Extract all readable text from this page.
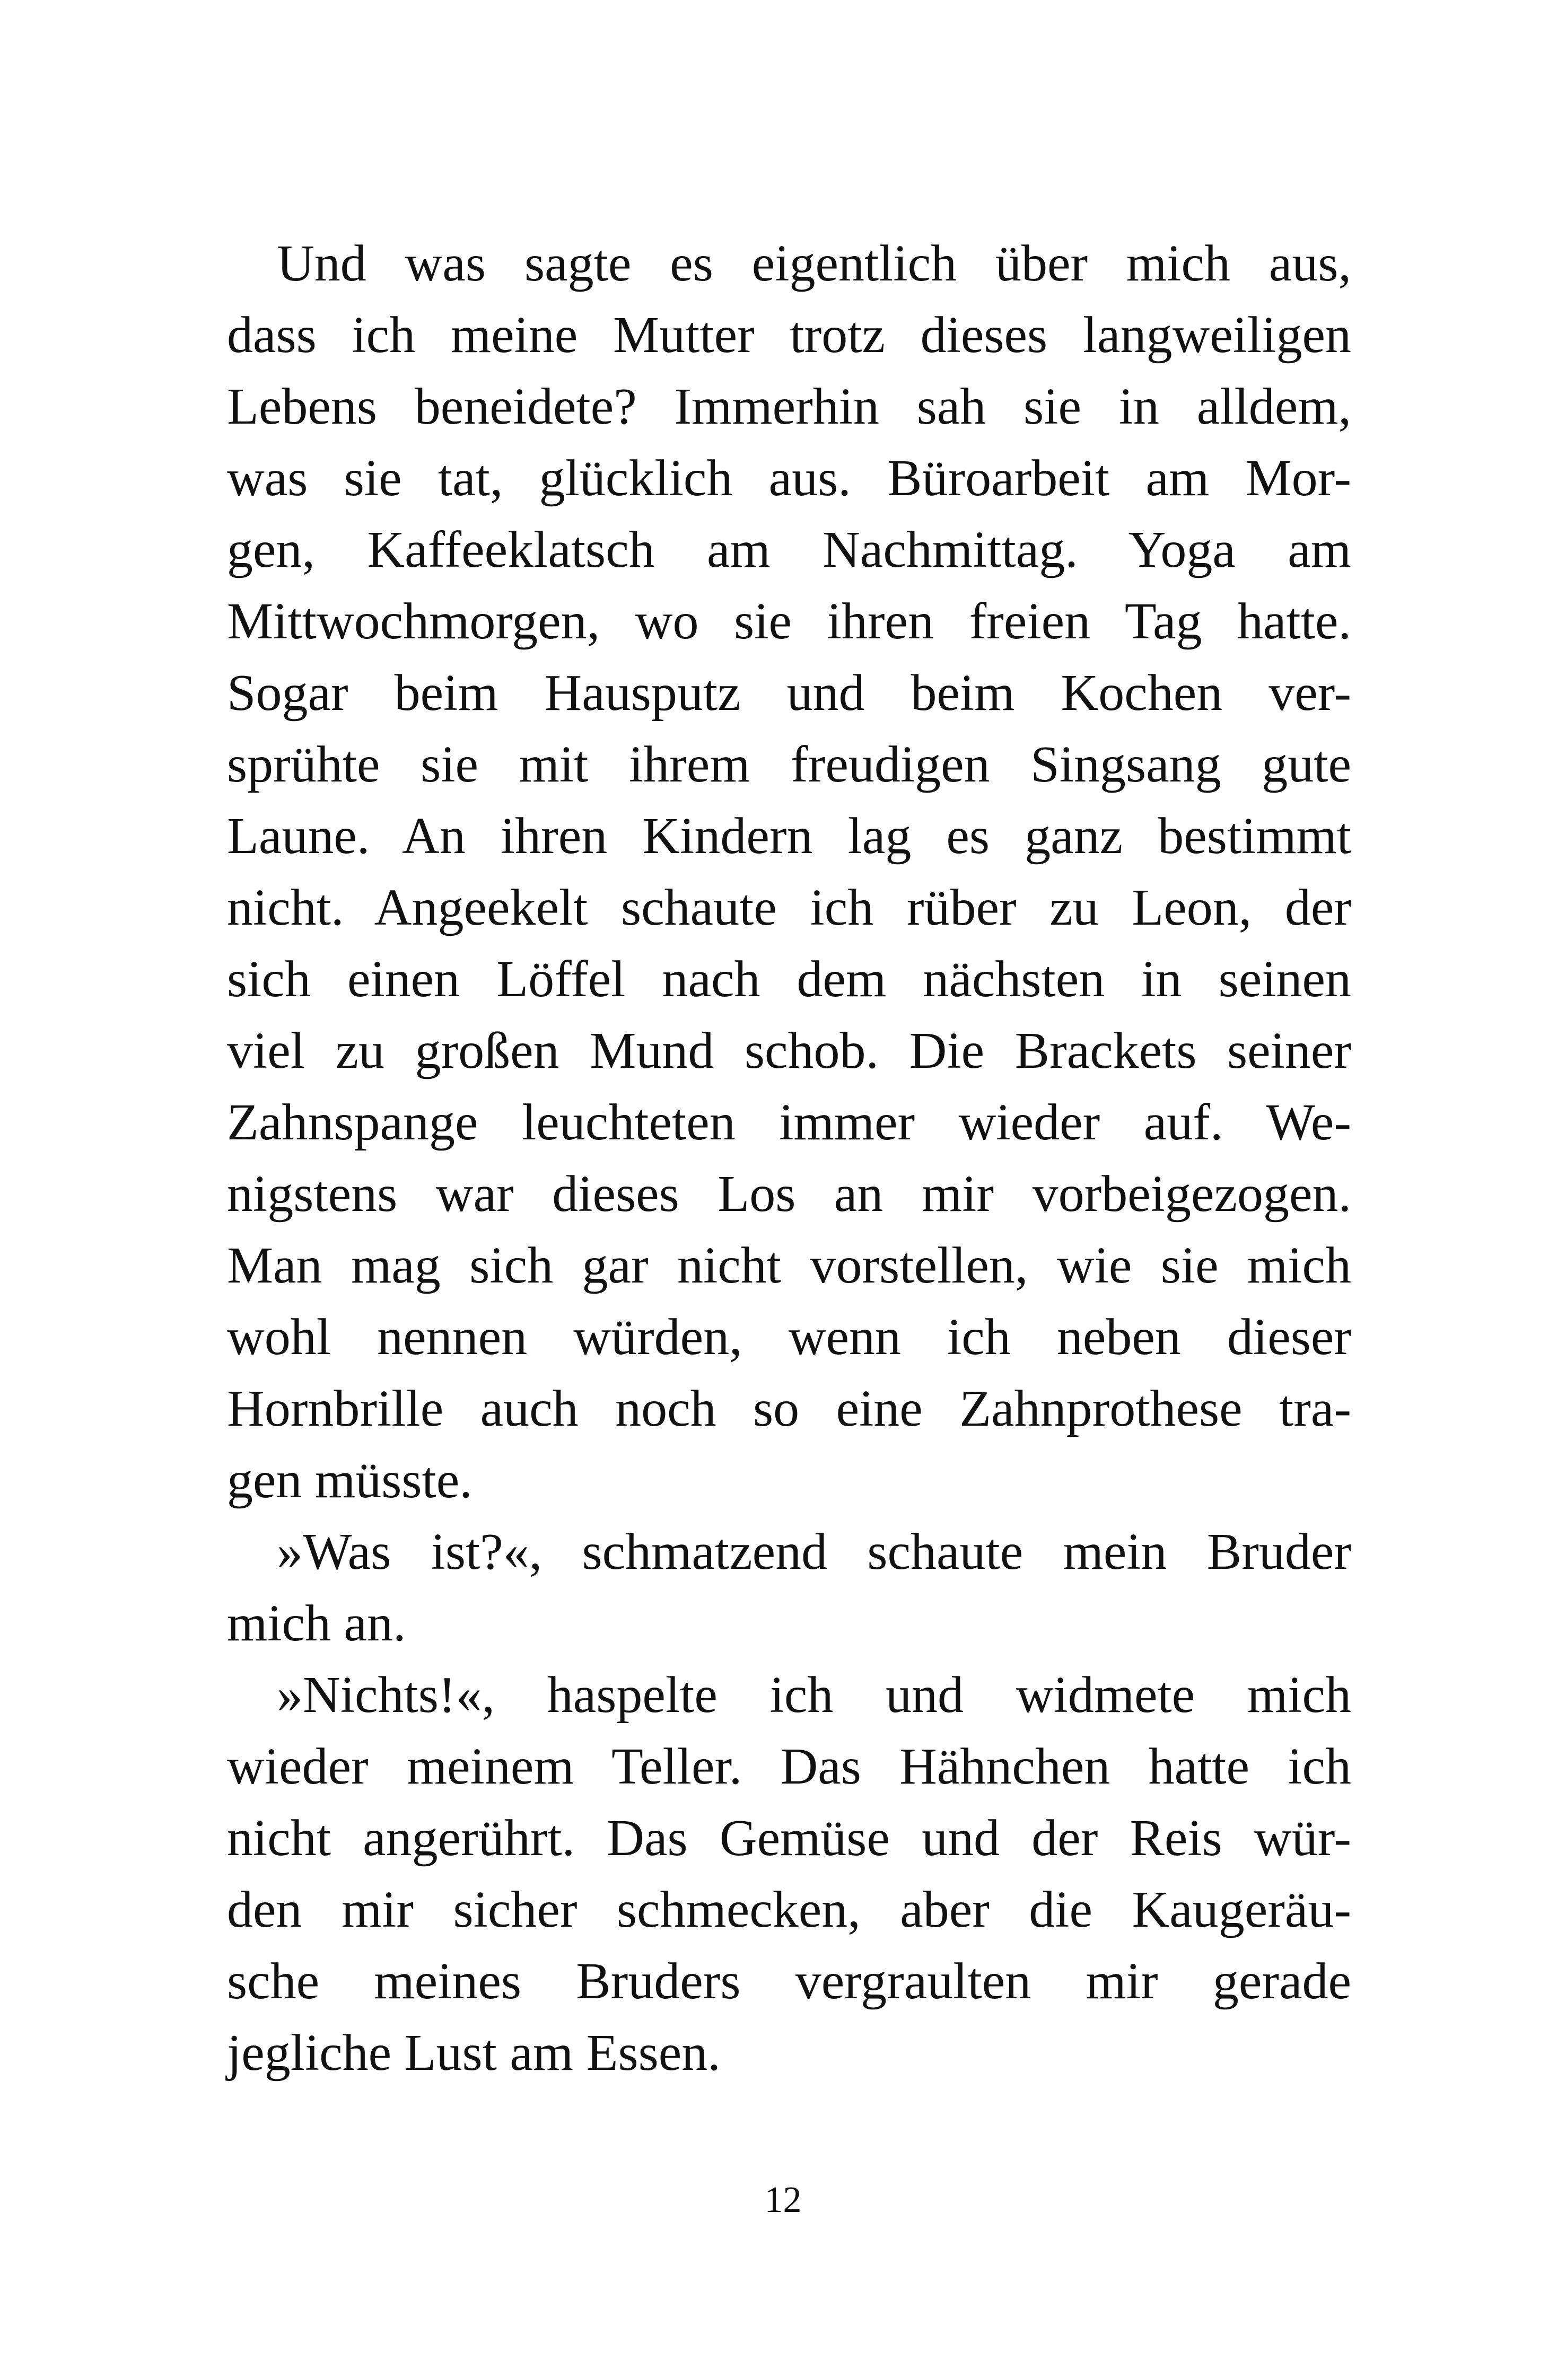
Und was sagte es eigentlich über mich aus,
dass ich meine Mutter trotz dieses langweiligen
Lebens beneidete? Immerhin sah sie in alldem,
was sie tat, glücklich aus. Büroarbeit am Mor-
gen, Kaffeeklatsch am Nachmittag. Yoga am
Mittwochmorgen, wo sie ihren freien Tag hatte.
Sogar beim Hausputz und beim Kochen ver-
sprühte sie mit ihrem freudigen Singsang gute
Laune. An ihren Kindern lag es ganz bestimmt
nicht. Angeekelt schaute ich rüber zu Leon, der
sich einen Löffel nach dem nächsten in seinen
viel zu großen Mund schob. Die Brackets seiner
Zahnspange leuchteten immer wieder auf. We-
nigstens war dieses Los an mir vorbeigezogen.
Man mag sich gar nicht vorstellen, wie sie mich
wohl nennen würden, wenn ich neben dieser
Hornbrille auch noch so eine Zahnprothese tra-
gen müsste.
»Was ist?«, schmatzend schaute mein Bruder
mich an.
»Nichts!«, haspelte ich und widmete mich
wieder meinem Teller. Das Hähnchen hatte ich
nicht angerührt. Das Gemüse und der Reis wür-
den mir sicher schmecken, aber die Kaugeräu-
sche meines Bruders vergraulten mir gerade
jegliche Lust am Essen.
12
